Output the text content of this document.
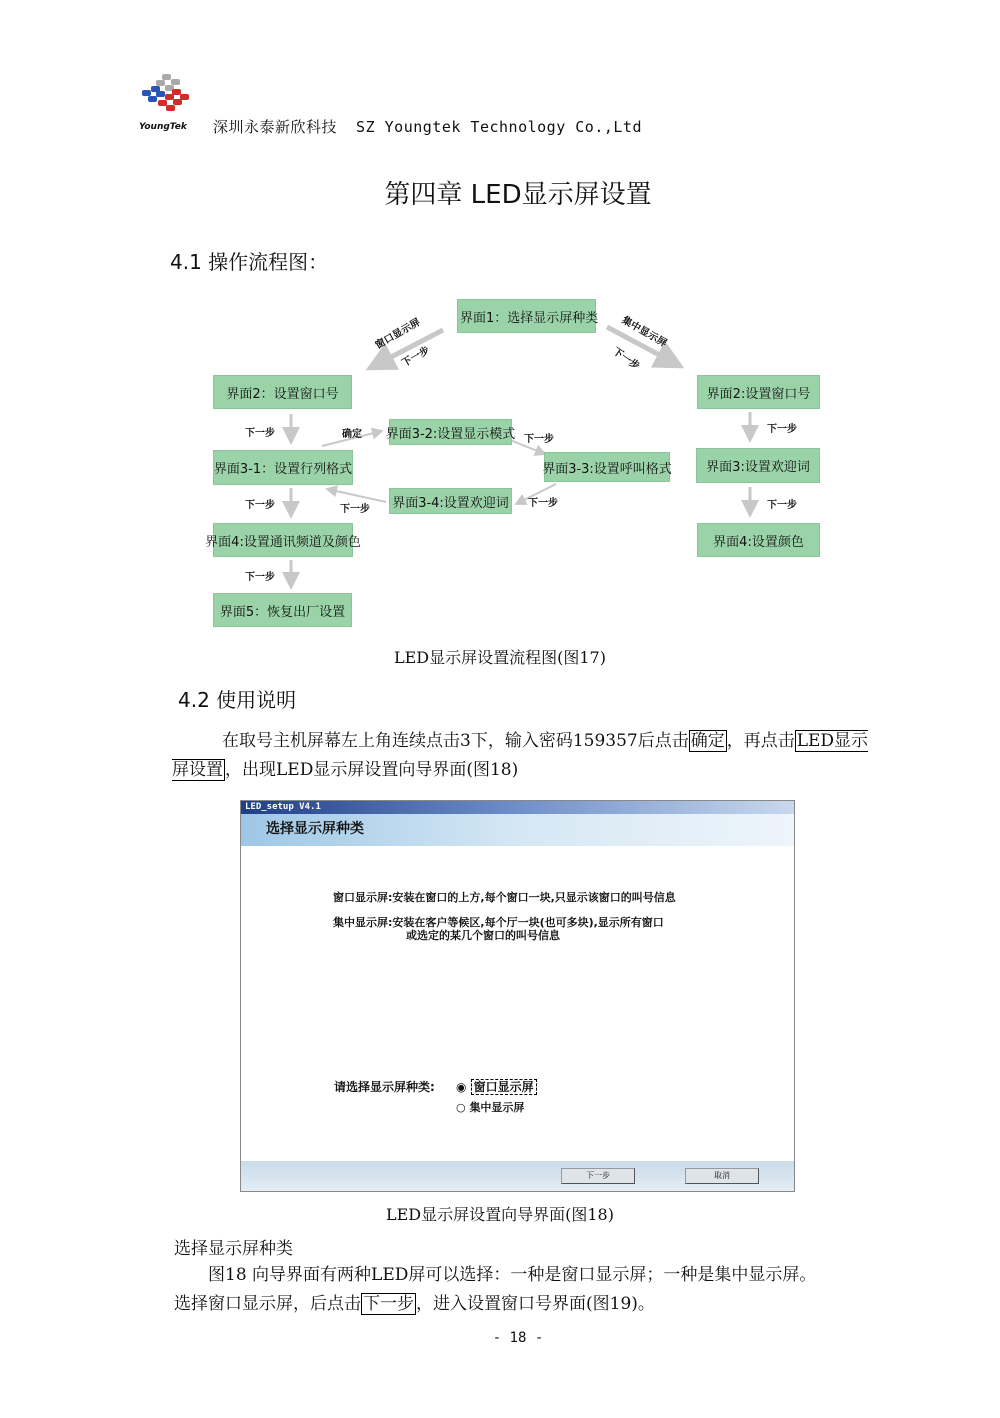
YoungTek 深圳永泰新欣科技  SZ Youngtek Technology Co.,Ltd
第四章 LED显示屏设置
4.1 操作流程图：
界面1：选择显示屏种类
界面2：设置窗口号
界面3-1：设置行列格式
界面3-2:设置显示模式
界面3-3:设置呼叫格式
界面3-4:设置欢迎词
界面4:设置通讯频道及颜色
界面5：恢复出厂设置
界面2:设置窗口号
界面3:设置欢迎词
界面4:设置颜色
窗口显示屏
下一步
集中显示屏
下一步
下一步
下一步
下一步
确定	下一步
下一步
下一步
下一步
下一步
LED显示屏设置流程图(图17)
4.2 使用说明
在取号主机屏幕左上角连续点击3下，输入密码159357后点击 确定 ，再点击 LED显示屏设置 ，出现LED显示屏设置向导界面(图18)
LED_setup V4.1
选择显示屏种类
窗口显示屏:安装在窗口的上方,每个窗口一块,只显示该窗口的叫号信息
集中显示屏:安装在客户等候区,每个厅一块(也可多块),显示所有窗口
或选定的某几个窗口的叫号信息
请选择显示屏种类: ◉ 窗口显示屏
○ 集中显示屏
下一步	取消
LED显示屏设置向导界面(图18)
选择显示屏种类
图18 向导界面有两种LED屏可以选择：一种是窗口显示屏；一种是集中显示屏。
选择窗口显示屏，后点击 下一步 ，进入设置窗口号界面(图19)。
- 18 -
